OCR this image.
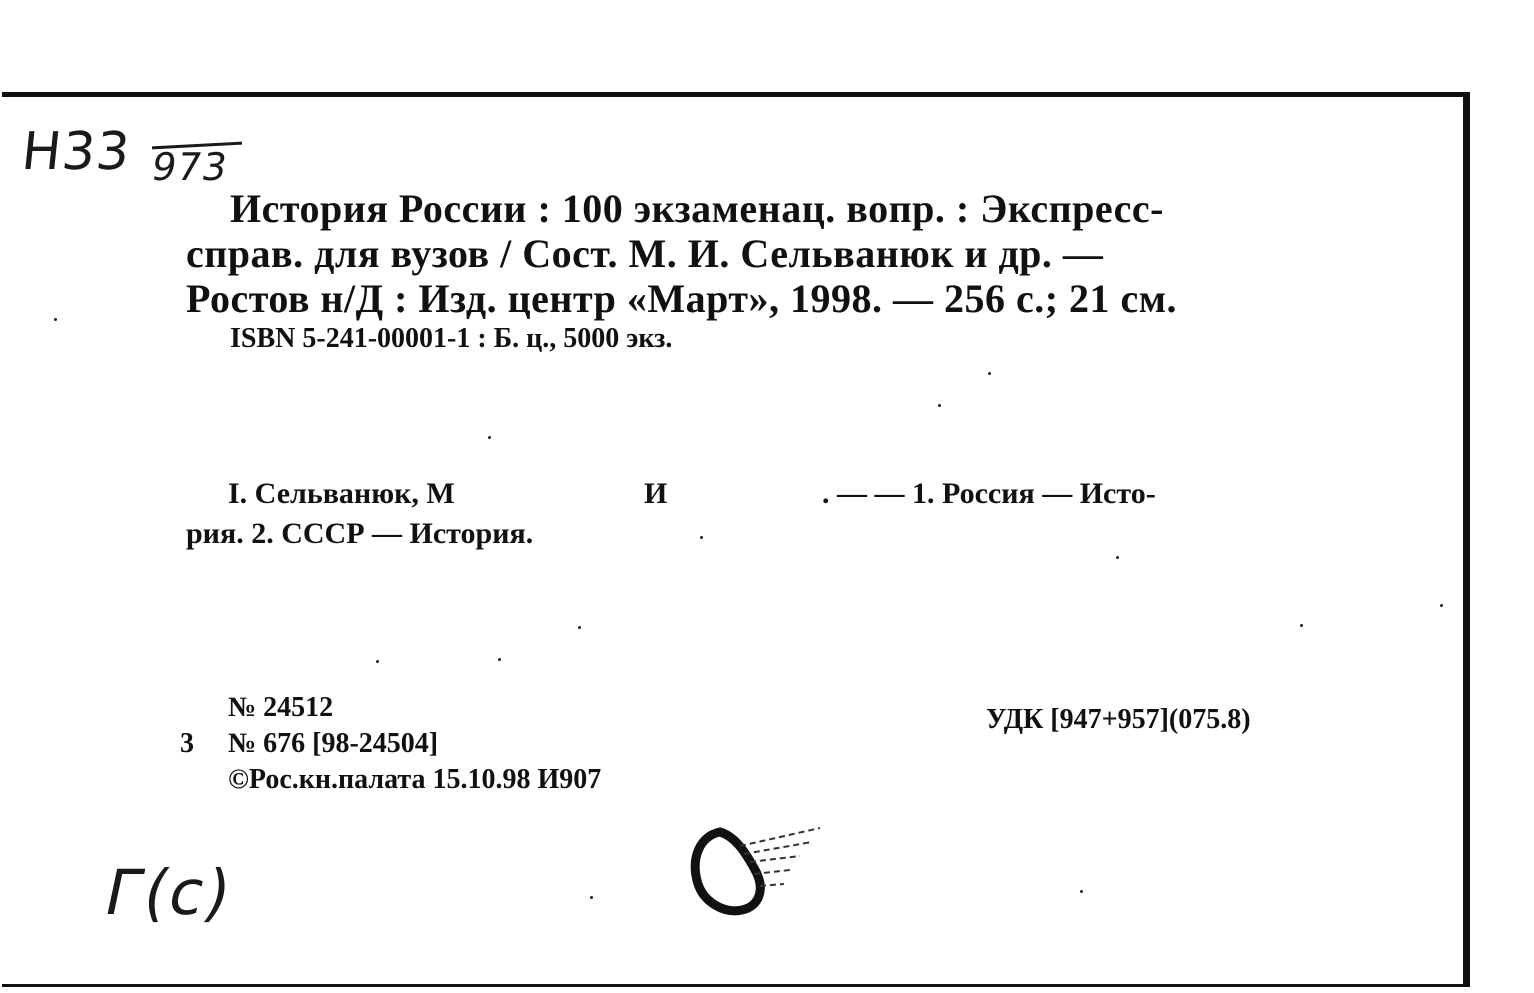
Н33 973
История России : 100 экзаменац. вопр. : Экспресс-
справ. для вузов / Сост. М. И. Сельванюк и др. —
Ростов н/Д : Изд. центр «Март», 1998. — 256 с.; 21 см.
ISBN 5-241-00001-1 : Б. ц., 5000 экз.
I. Сельванюк, М	И	. — — 1. Россия — Исто-
рия. 2. СССР — История.
№ 24512
3 № 676 [98-24504]
©Рос.кн.палата 15.10.98 И907
УДК [947+957](075.8)
Г(с)
